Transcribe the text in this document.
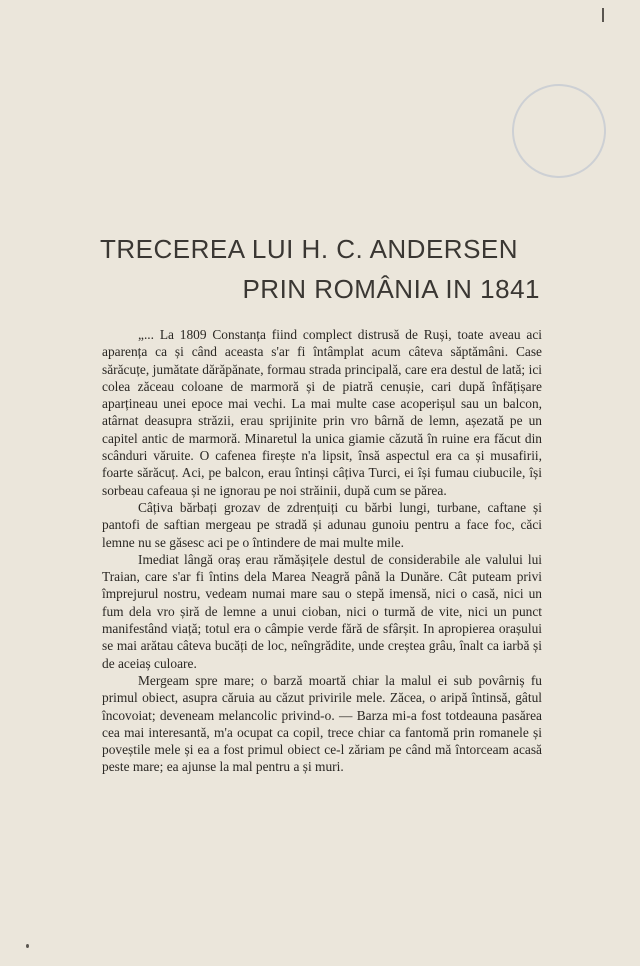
TRECEREA LUI H. C. ANDERSEN
PRIN ROMÂNIA IN 1841

„... La 1809 Constanța fiind complect distrusă de Ruși, toate aveau aci aparența ca și când aceasta s'ar fi întâmplat acum câteva săptămâni. Case sărăcuțe, jumătate dărăpănate, formau strada principală, care era destul de lată; ici colea zăceau coloane de marmoră și de piatră cenușie, cari după înfățișare aparțineau unei epoce mai vechi. La mai multe case acoperișul sau un balcon, atârnat deasupra străzii, erau sprijinite prin vro bârnă de lemn, așezată pe un capitel antic de marmoră. Minaretul la unica giamie căzută în ruine era făcut din scânduri văruite. O cafenea firește n'a lipsit, însă aspectul era ca și musafirii, foarte sărăcuț. Aci, pe balcon, erau întinși câțiva Turci, ei își fumau ciubucile, își sorbeau cafeaua și ne ignorau pe noi străinii, după cum se părea.

Câțiva bărbați grozav de zdrențuiți cu bărbi lungi, turbane, caftane și pantofi de saftian mergeau pe stradă și adunau gunoiu pentru a face foc, căci lemne nu se găsesc aci pe o întindere de mai multe mile.

Imediat lângă oraș erau rămășițele destul de considerabile ale valului lui Traian, care s'ar fi întins dela Marea Neagră până la Dunăre. Cât puteam privi împrejurul nostru, vedeam numai mare sau o stepă imensă, nici o casă, nici un fum dela vro șiră de lemne a unui cioban, nici o turmă de vite, nici un punct manifestând viață; totul era o câmpie verde fără de sfârșit. In apropierea orașului se mai arătau câteva bucăți de loc, neîngrădite, unde creștea grâu, înalt ca iarbă și de aceiaș culoare.

Mergeam spre mare; o barză moartă chiar la malul ei sub povârniș fu primul obiect, asupra căruia au căzut privirile mele. Zăcea, o aripă întinsă, gâtul încovoiat; deveneam melancolic privind-o. — Barza mi-a fost totdeauna pasărea cea mai interesantă, m'a ocupat ca copil, trece chiar ca fantomă prin romanele și poveștile mele și ea a fost primul obiect ce-l zăriam pe când mă întorceam acasă peste mare; ea ajunse la mal pentru a și muri.
